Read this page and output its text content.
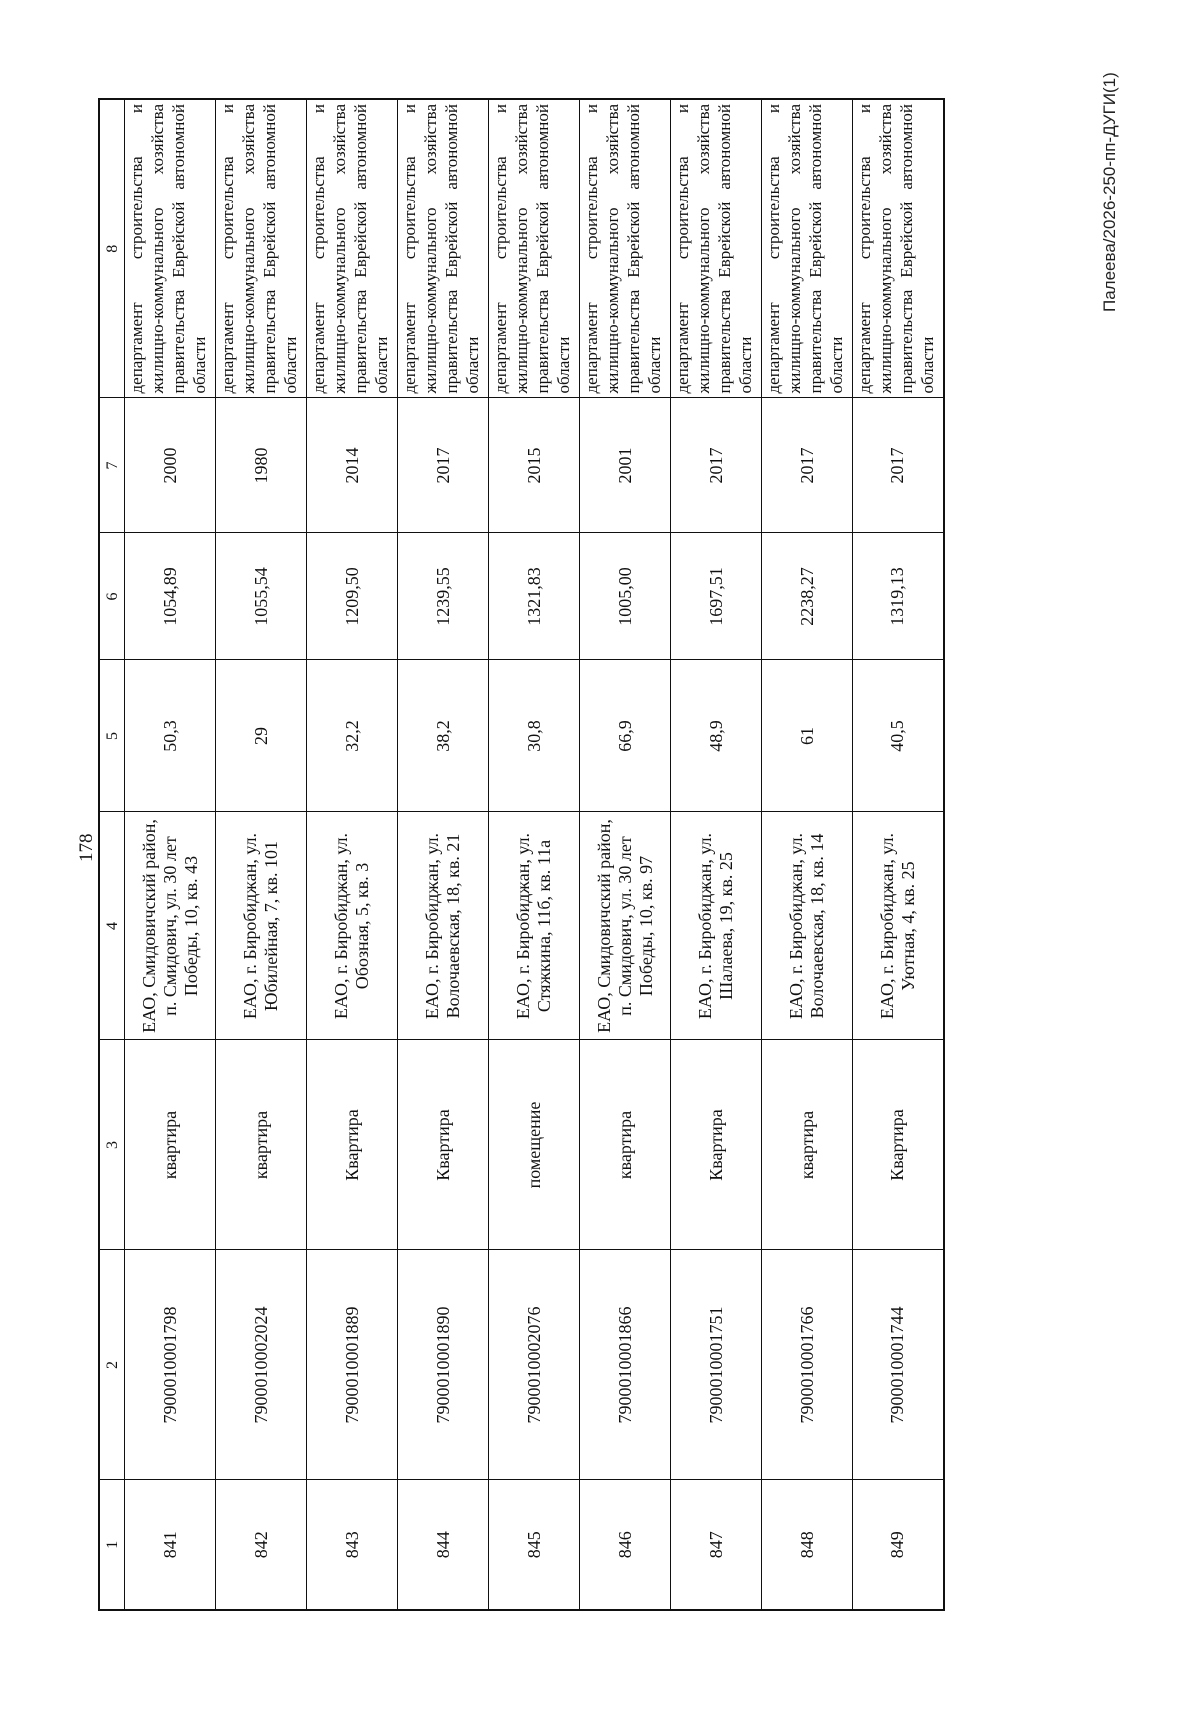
178
1	2	3	4	5	6	7	8
841	7900010001798	квартира	ЕАО, Смидовичский район, п. Смидович, ул. 30 лет Победы, 10, кв. 43	50,3	1054,89	2000	департамент строительства и жилищно-коммунального хозяйства правительства Еврейской автономной области
842	7900010002024	квартира	ЕАО, г. Биробиджан, ул. Юбилейная, 7, кв. 101	29	1055,54	1980	департамент строительства и жилищно-коммунального хозяйства правительства Еврейской автономной области
843	7900010001889	Квартира	ЕАО, г. Биробиджан, ул. Обозная, 5, кв. 3	32,2	1209,50	2014	департамент строительства и жилищно-коммунального хозяйства правительства Еврейской автономной области
844	7900010001890	Квартира	ЕАО, г. Биробиджан, ул. Волочаевская, 18, кв. 21	38,2	1239,55	2017	департамент строительства и жилищно-коммунального хозяйства правительства Еврейской автономной области
845	7900010002076	помещение	ЕАО, г. Биробиджан, ул. Стяжкина, 11б, кв. 11а	30,8	1321,83	2015	департамент строительства и жилищно-коммунального хозяйства правительства Еврейской автономной области
846	7900010001866	квартира	ЕАО, Смидовичский район, п. Смидович, ул. 30 лет Победы, 10, кв. 97	66,9	1005,00	2001	департамент строительства и жилищно-коммунального хозяйства правительства Еврейской автономной области
847	7900010001751	Квартира	ЕАО, г. Биробиджан, ул. Шалаева, 19, кв. 25	48,9	1697,51	2017	департамент строительства и жилищно-коммунального хозяйства правительства Еврейской автономной области
848	7900010001766	квартира	ЕАО, г. Биробиджан, ул. Волочаевская, 18, кв. 14	61	2238,27	2017	департамент строительства и жилищно-коммунального хозяйства правительства Еврейской автономной области
849	7900010001744	Квартира	ЕАО, г. Биробиджан, ул. Уютная, 4, кв. 25	40,5	1319,13	2017	департамент строительства и жилищно-коммунального хозяйства правительства Еврейской автономной области
Палеева/2026-250-пп-ДУГИ(1)
